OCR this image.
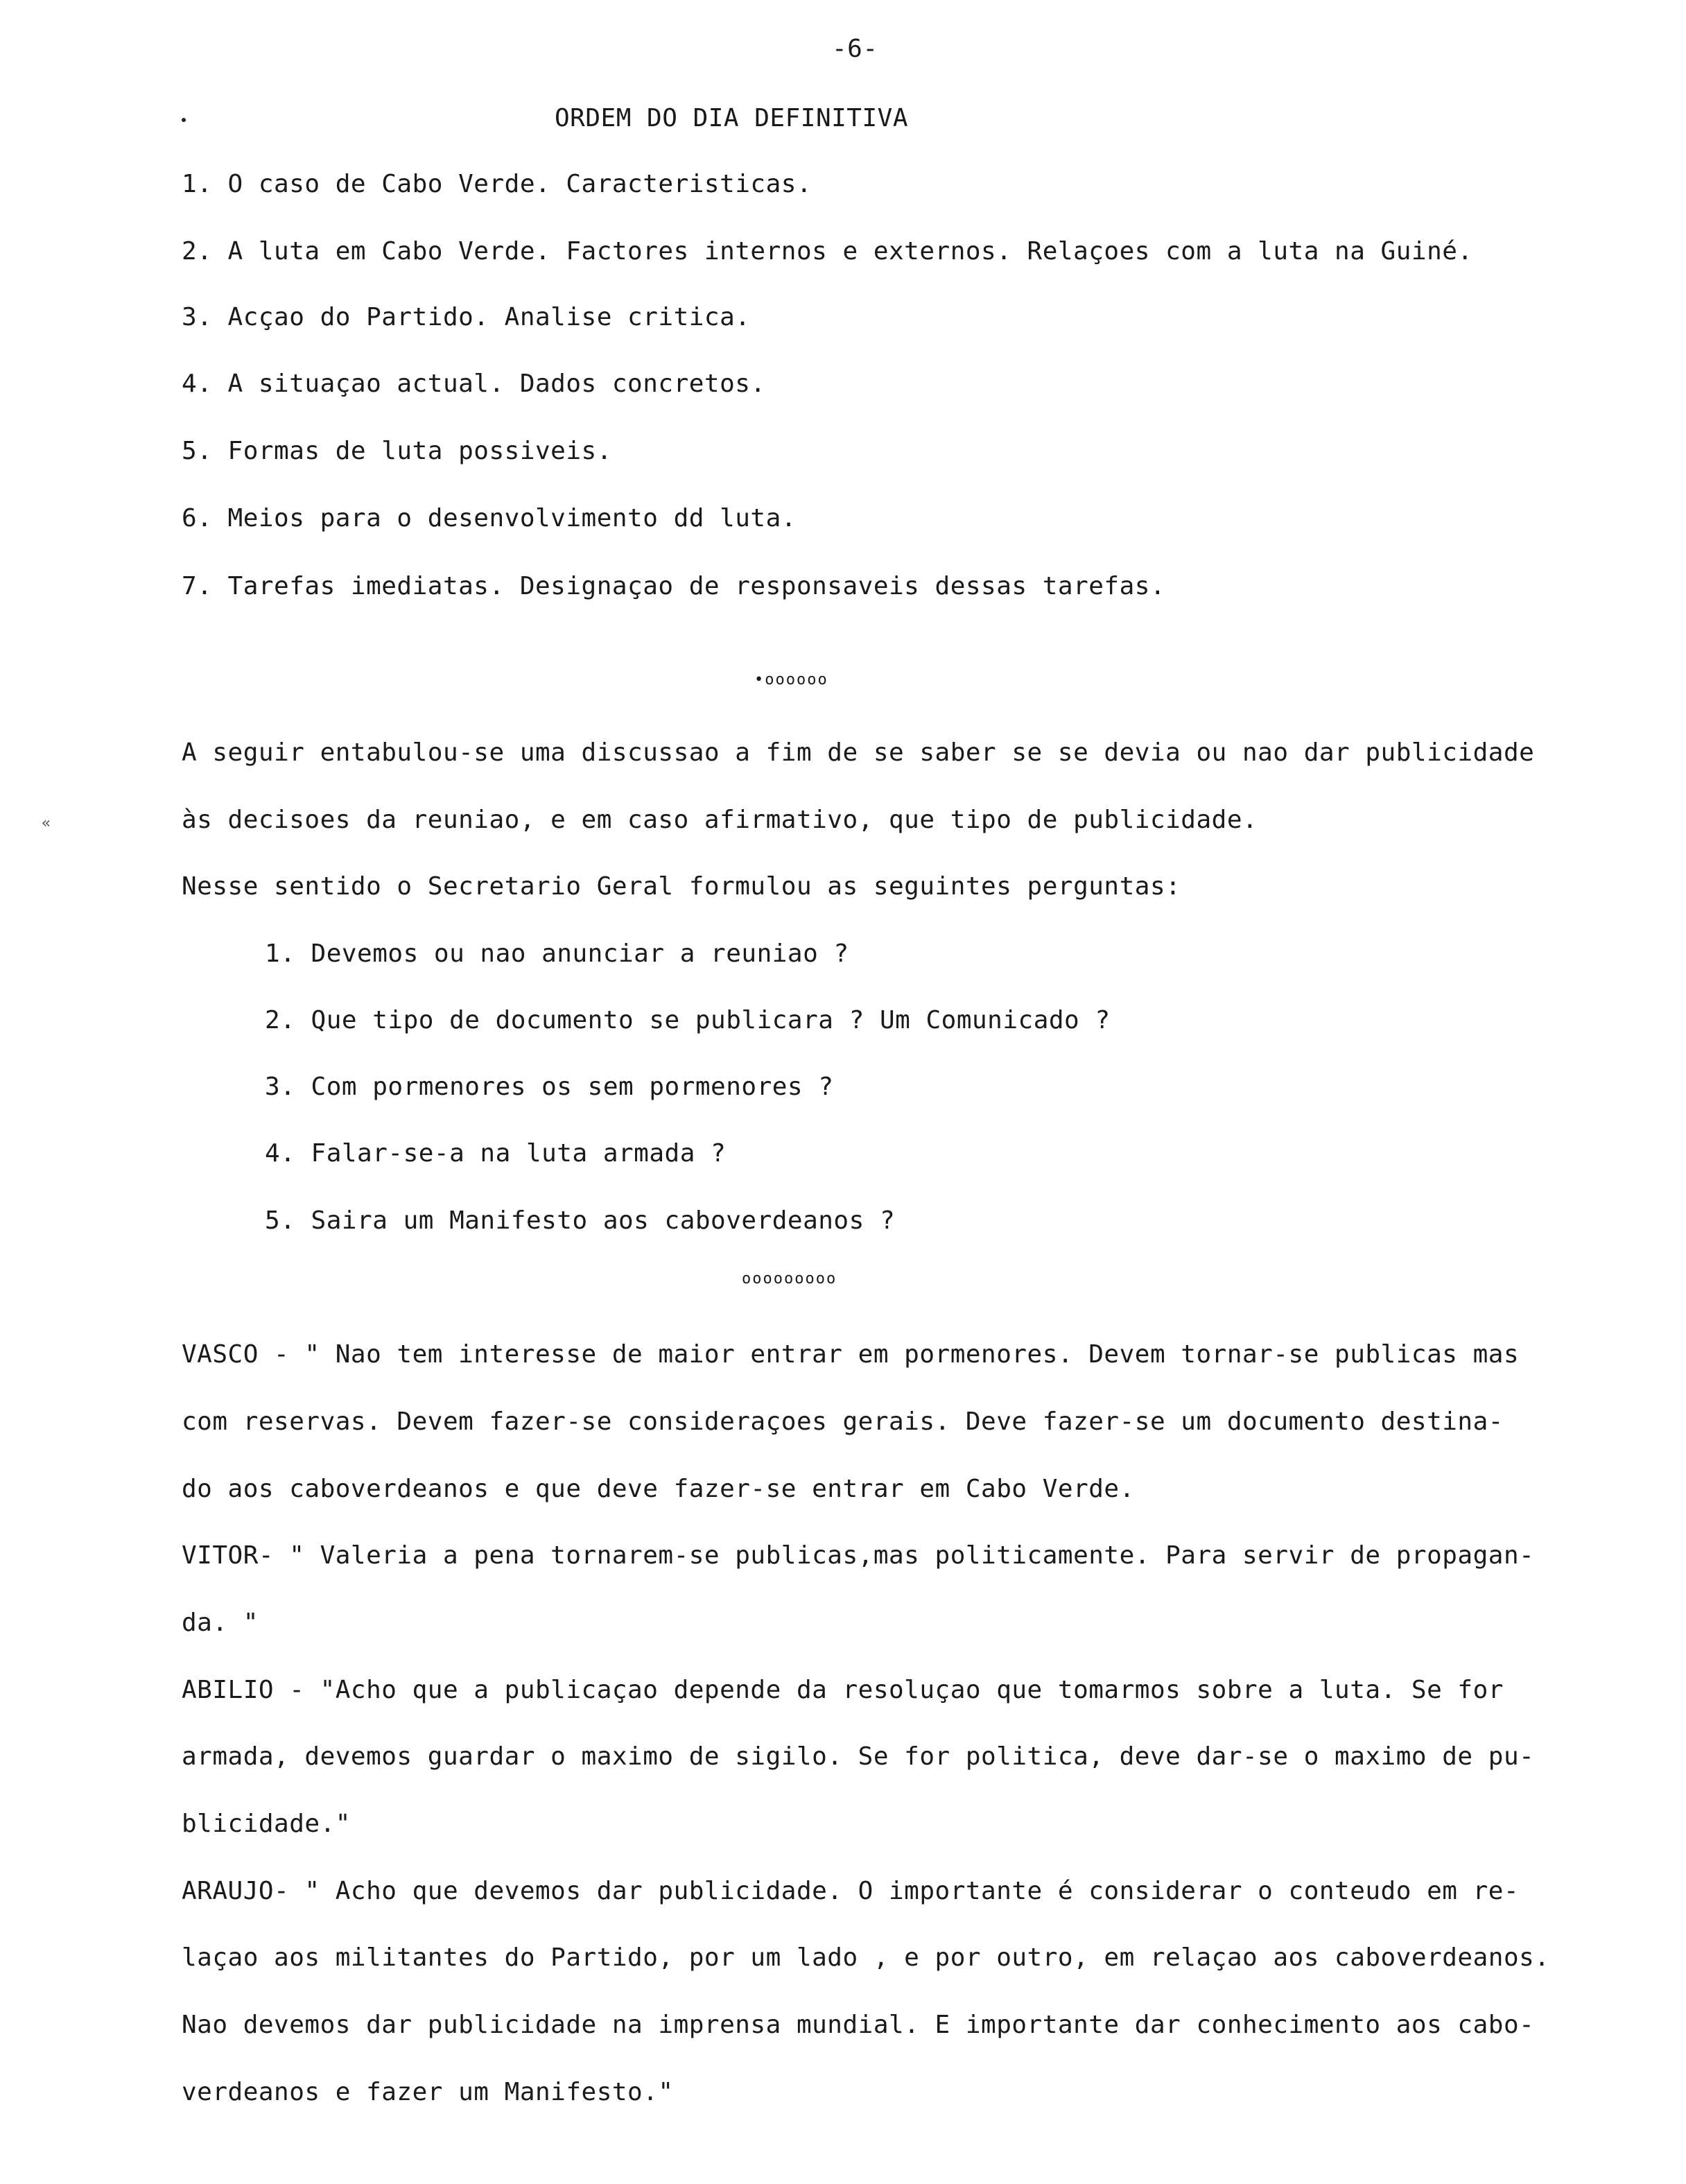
-6-
ORDEM DO DIA DEFINITIVA
1. O caso de Cabo Verde. Caracteristicas.
2. A luta em Cabo Verde. Factores internos e externos. Relaçoes com a luta na Guiné.
3. Acçao do Partido. Analise critica.
4. A situaçao actual. Dados concretos.
5. Formas de luta possiveis.
6. Meios para o desenvolvimento dd luta.
7. Tarefas imediatas. Designaçao de responsaveis dessas tarefas.
•oooooo
«
A seguir entabulou-se uma discussao a fim de se saber se se devia ou nao dar publicidade
às decisoes da reuniao, e em caso afirmativo, que tipo de publicidade.
Nesse sentido o Secretario Geral formulou as seguintes perguntas:
1. Devemos ou nao anunciar a reuniao ?
2. Que tipo de documento se publicara ? Um Comunicado ?
3. Com pormenores os sem pormenores ?
4. Falar-se-a na luta armada ?
5. Saira um Manifesto aos caboverdeanos ?
ooooooooo
VASCO - " Nao tem interesse de maior entrar em pormenores. Devem tornar-se publicas mas
com reservas. Devem fazer-se consideraçoes gerais. Deve fazer-se um documento destina-
do aos caboverdeanos e que deve fazer-se entrar em Cabo Verde.
VITOR- " Valeria a pena tornarem-se publicas,mas politicamente. Para servir de propagan-
da. "
ABILIO - "Acho que a publicaçao depende da resoluçao que tomarmos sobre a luta. Se for
armada, devemos guardar o maximo de sigilo. Se for politica, deve dar-se o maximo de pu-
blicidade."
ARAUJO- " Acho que devemos dar publicidade. O importante é considerar o conteudo em re-
laçao aos militantes do Partido, por um lado , e por outro, em relaçao aos caboverdeanos.
Nao devemos dar publicidade na imprensa mundial. E importante dar conhecimento aos cabo-
verdeanos e fazer um Manifesto."
